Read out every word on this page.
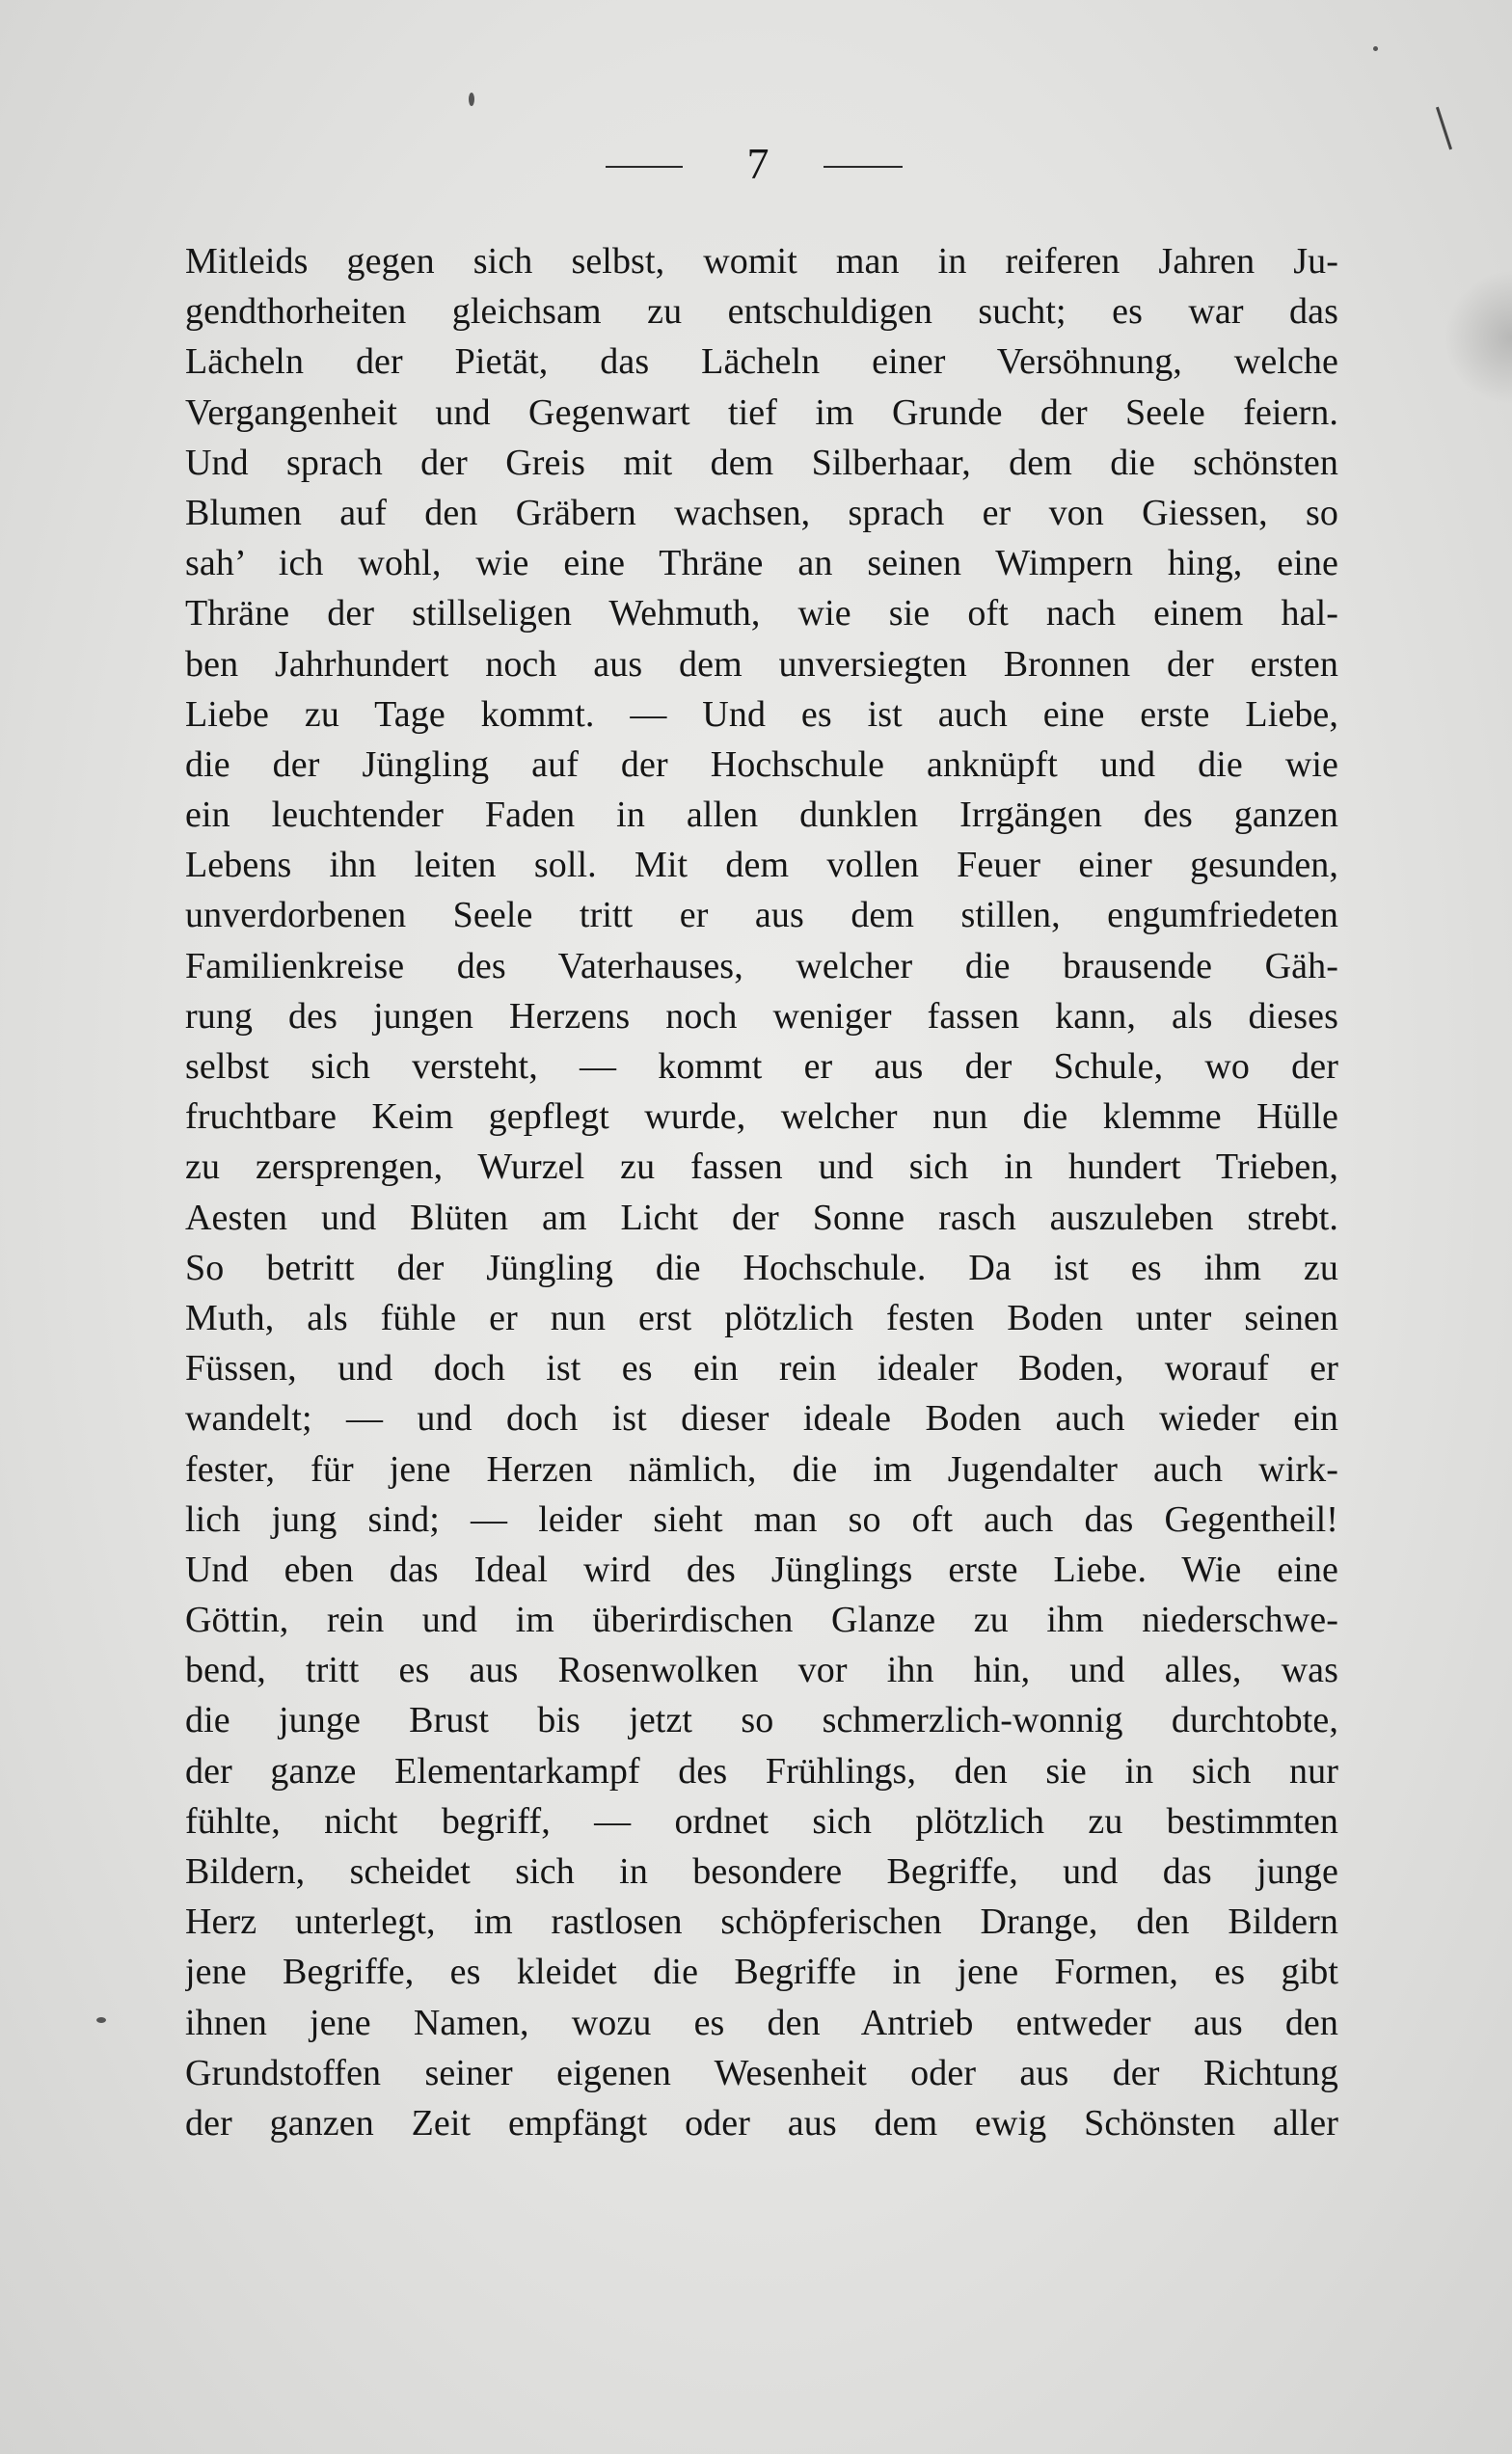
7
Mitleids gegen sich selbst, womit man in reiferen Jahren Ju-
gendthorheiten gleichsam zu entschuldigen sucht; es war das
Lächeln der Pietät, das Lächeln einer Versöhnung, welche
Vergangenheit und Gegenwart tief im Grunde der Seele feiern.
Und sprach der Greis mit dem Silberhaar, dem die schönsten
Blumen auf den Gräbern wachsen, sprach er von Giessen, so
sah’ ich wohl, wie eine Thräne an seinen Wimpern hing, eine
Thräne der stillseligen Wehmuth, wie sie oft nach einem hal-
ben Jahrhundert noch aus dem unversiegten Bronnen der ersten
Liebe zu Tage kommt. — Und es ist auch eine erste Liebe,
die der Jüngling auf der Hochschule anknüpft und die wie
ein leuchtender Faden in allen dunklen Irrgängen des ganzen
Lebens ihn leiten soll. Mit dem vollen Feuer einer gesunden,
unverdorbenen Seele tritt er aus dem stillen, engumfriedeten
Familienkreise des Vaterhauses, welcher die brausende Gäh-
rung des jungen Herzens noch weniger fassen kann, als dieses
selbst sich versteht, — kommt er aus der Schule, wo der
fruchtbare Keim gepflegt wurde, welcher nun die klemme Hülle
zu zersprengen, Wurzel zu fassen und sich in hundert Trieben,
Aesten und Blüten am Licht der Sonne rasch auszuleben strebt.
So betritt der Jüngling die Hochschule. Da ist es ihm zu
Muth, als fühle er nun erst plötzlich festen Boden unter seinen
Füssen, und doch ist es ein rein idealer Boden, worauf er
wandelt; — und doch ist dieser ideale Boden auch wieder ein
fester, für jene Herzen nämlich, die im Jugendalter auch wirk-
lich jung sind; — leider sieht man so oft auch das Gegentheil!
Und eben das Ideal wird des Jünglings erste Liebe. Wie eine
Göttin, rein und im überirdischen Glanze zu ihm niederschwe-
bend, tritt es aus Rosenwolken vor ihn hin, und alles, was
die junge Brust bis jetzt so schmerzlich-wonnig durchtobte,
der ganze Elementarkampf des Frühlings, den sie in sich nur
fühlte, nicht begriff, — ordnet sich plötzlich zu bestimmten
Bildern, scheidet sich in besondere Begriffe, und das junge
Herz unterlegt, im rastlosen schöpferischen Drange, den Bildern
jene Begriffe, es kleidet die Begriffe in jene Formen, es gibt
ihnen jene Namen, wozu es den Antrieb entweder aus den
Grundstoffen seiner eigenen Wesenheit oder aus der Richtung
der ganzen Zeit empfängt oder aus dem ewig Schönsten aller
